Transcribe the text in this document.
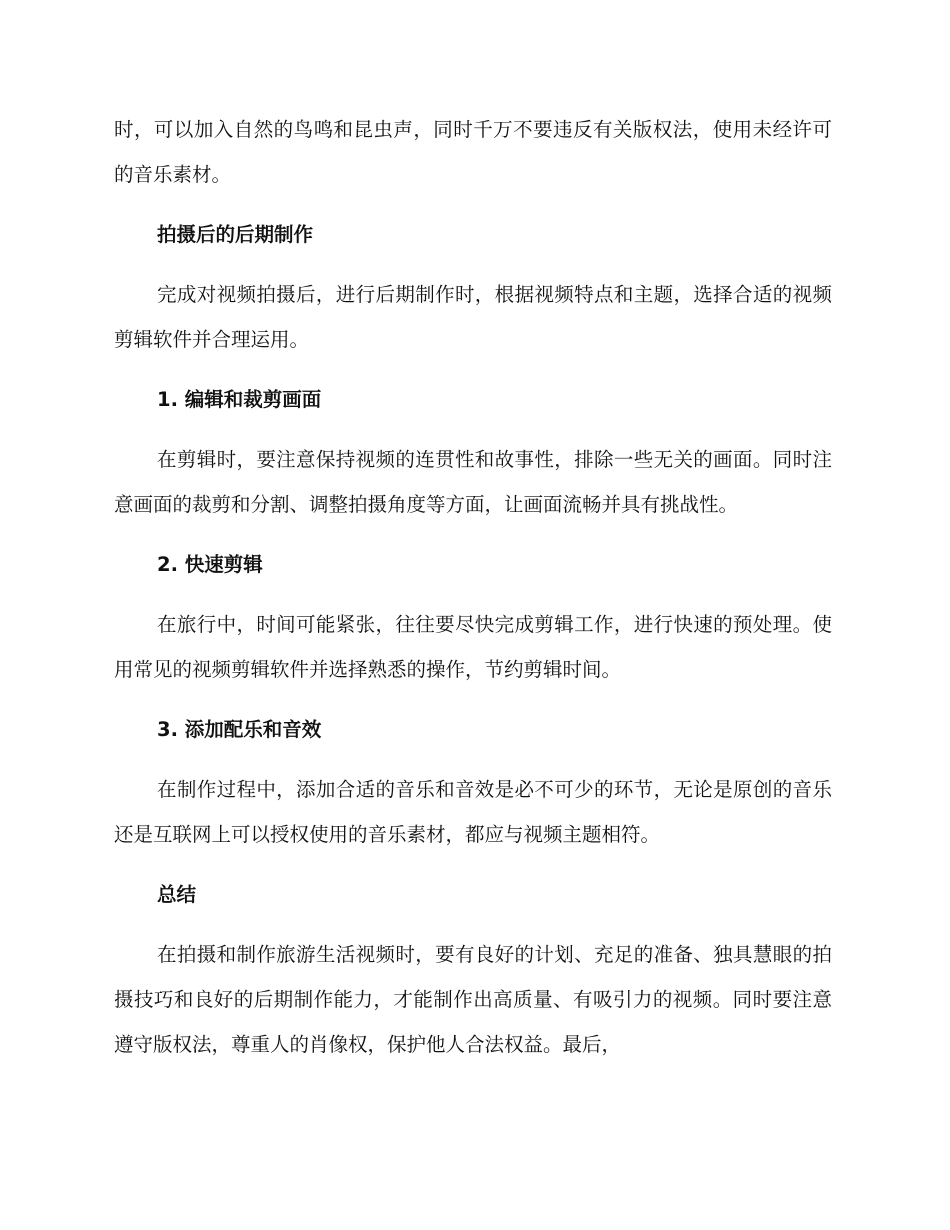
时，可以加入自然的鸟鸣和昆虫声，同时千万不要违反有关版权法，使用未经许可的音乐素材。

拍摄后的后期制作

完成对视频拍摄后，进行后期制作时，根据视频特点和主题，选择合适的视频剪辑软件并合理运用。

1. 编辑和裁剪画面

在剪辑时，要注意保持视频的连贯性和故事性，排除一些无关的画面。同时注意画面的裁剪和分割、调整拍摄角度等方面，让画面流畅并具有挑战性。

2. 快速剪辑

在旅行中，时间可能紧张，往往要尽快完成剪辑工作，进行快速的预处理。使用常见的视频剪辑软件并选择熟悉的操作，节约剪辑时间。

3. 添加配乐和音效

在制作过程中，添加合适的音乐和音效是必不可少的环节，无论是原创的音乐还是互联网上可以授权使用的音乐素材，都应与视频主题相符。

总结

在拍摄和制作旅游生活视频时，要有良好的计划、充足的准备、独具慧眼的拍摄技巧和良好的后期制作能力，才能制作出高质量、有吸引力的视频。同时要注意遵守版权法，尊重人的肖像权，保护他人合法权益。最后，
